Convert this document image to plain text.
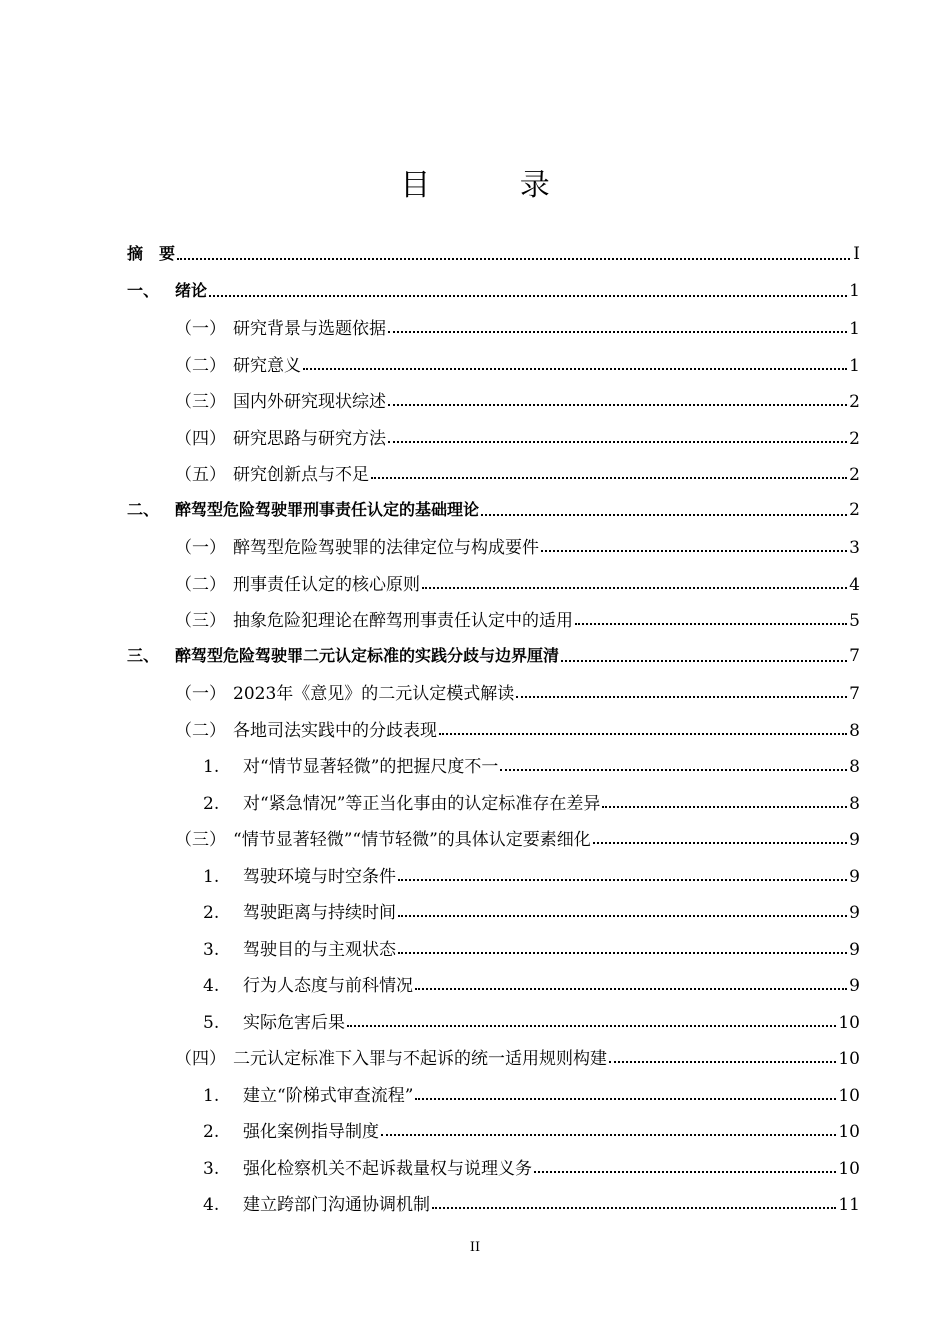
目 录
摘　要	I
一、 绪论	1
（一） 研究背景与选题依据	1
（二） 研究意义	1
（三） 国内外研究现状综述	2
（四） 研究思路与研究方法	2
（五） 研究创新点与不足	2
二、 醉驾型危险驾驶罪刑事责任认定的基础理论	2
（一） 醉驾型危险驾驶罪的法律定位与构成要件	3
（二） 刑事责任认定的核心原则	4
（三） 抽象危险犯理论在醉驾刑事责任认定中的适用	5
三、 醉驾型危险驾驶罪二元认定标准的实践分歧与边界厘清	7
（一） 2023年《意见》的二元认定模式解读	7
（二） 各地司法实践中的分歧表现	8
1.	对“情节显著轻微”的把握尺度不一	8
2.	对“紧急情况”等正当化事由的认定标准存在差异	8
（三） “情节显著轻微”“情节轻微”的具体认定要素细化	9
1.	驾驶环境与时空条件	9
2.	驾驶距离与持续时间	9
3.	驾驶目的与主观状态	9
4.	行为人态度与前科情况	9
5.	实际危害后果	10
（四） 二元认定标准下入罪与不起诉的统一适用规则构建	10
1.	建立“阶梯式审查流程”	10
2.	强化案例指导制度	10
3.	强化检察机关不起诉裁量权与说理义务	10
4.	建立跨部门沟通协调机制	11
II
